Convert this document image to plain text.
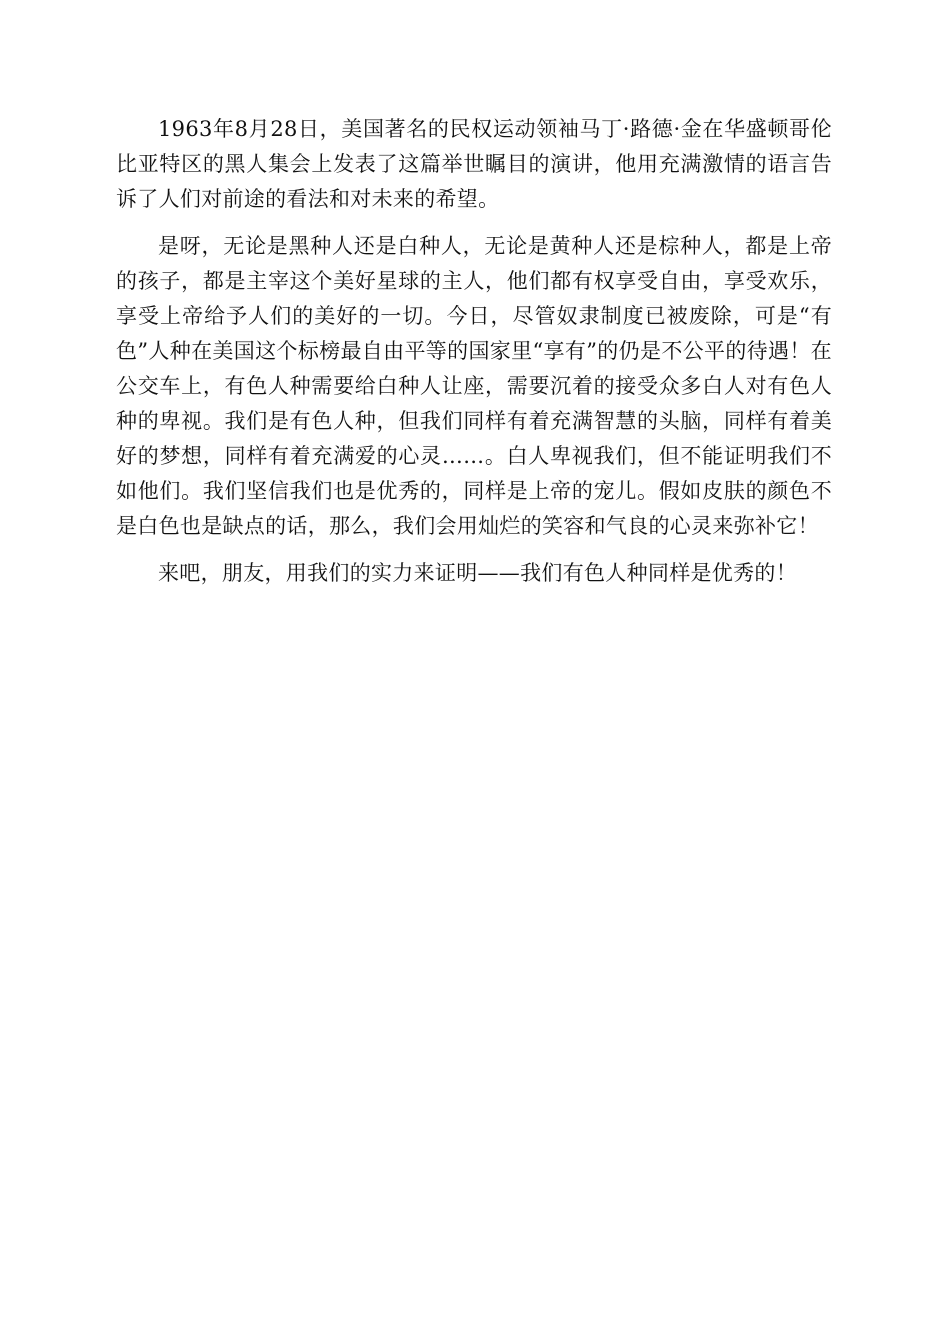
1963年8月28日，美国著名的民权运动领袖马丁·路德·金在华盛顿哥伦比亚特区的黑人集会上发表了这篇举世瞩目的演讲，他用充满激情的语言告诉了人们对前途的看法和对未来的希望。

是呀，无论是黑种人还是白种人，无论是黄种人还是棕种人，都是上帝的孩子，都是主宰这个美好星球的主人，他们都有权享受自由，享受欢乐，享受上帝给予人们的美好的一切。今日，尽管奴隶制度已被废除，可是“有色”人种在美国这个标榜最自由平等的国家里“享有”的仍是不公平的待遇！在公交车上，有色人种需要给白种人让座，需要沉着的接受众多白人对有色人种的卑视。我们是有色人种，但我们同样有着充满智慧的头脑，同样有着美好的梦想，同样有着充满爱的心灵……。白人卑视我们，但不能证明我们不如他们。我们坚信我们也是优秀的，同样是上帝的宠儿。假如皮肤的颜色不是白色也是缺点的话，那么，我们会用灿烂的笑容和气良的心灵来弥补它！

来吧，朋友，用我们的实力来证明——我们有色人种同样是优秀的！
